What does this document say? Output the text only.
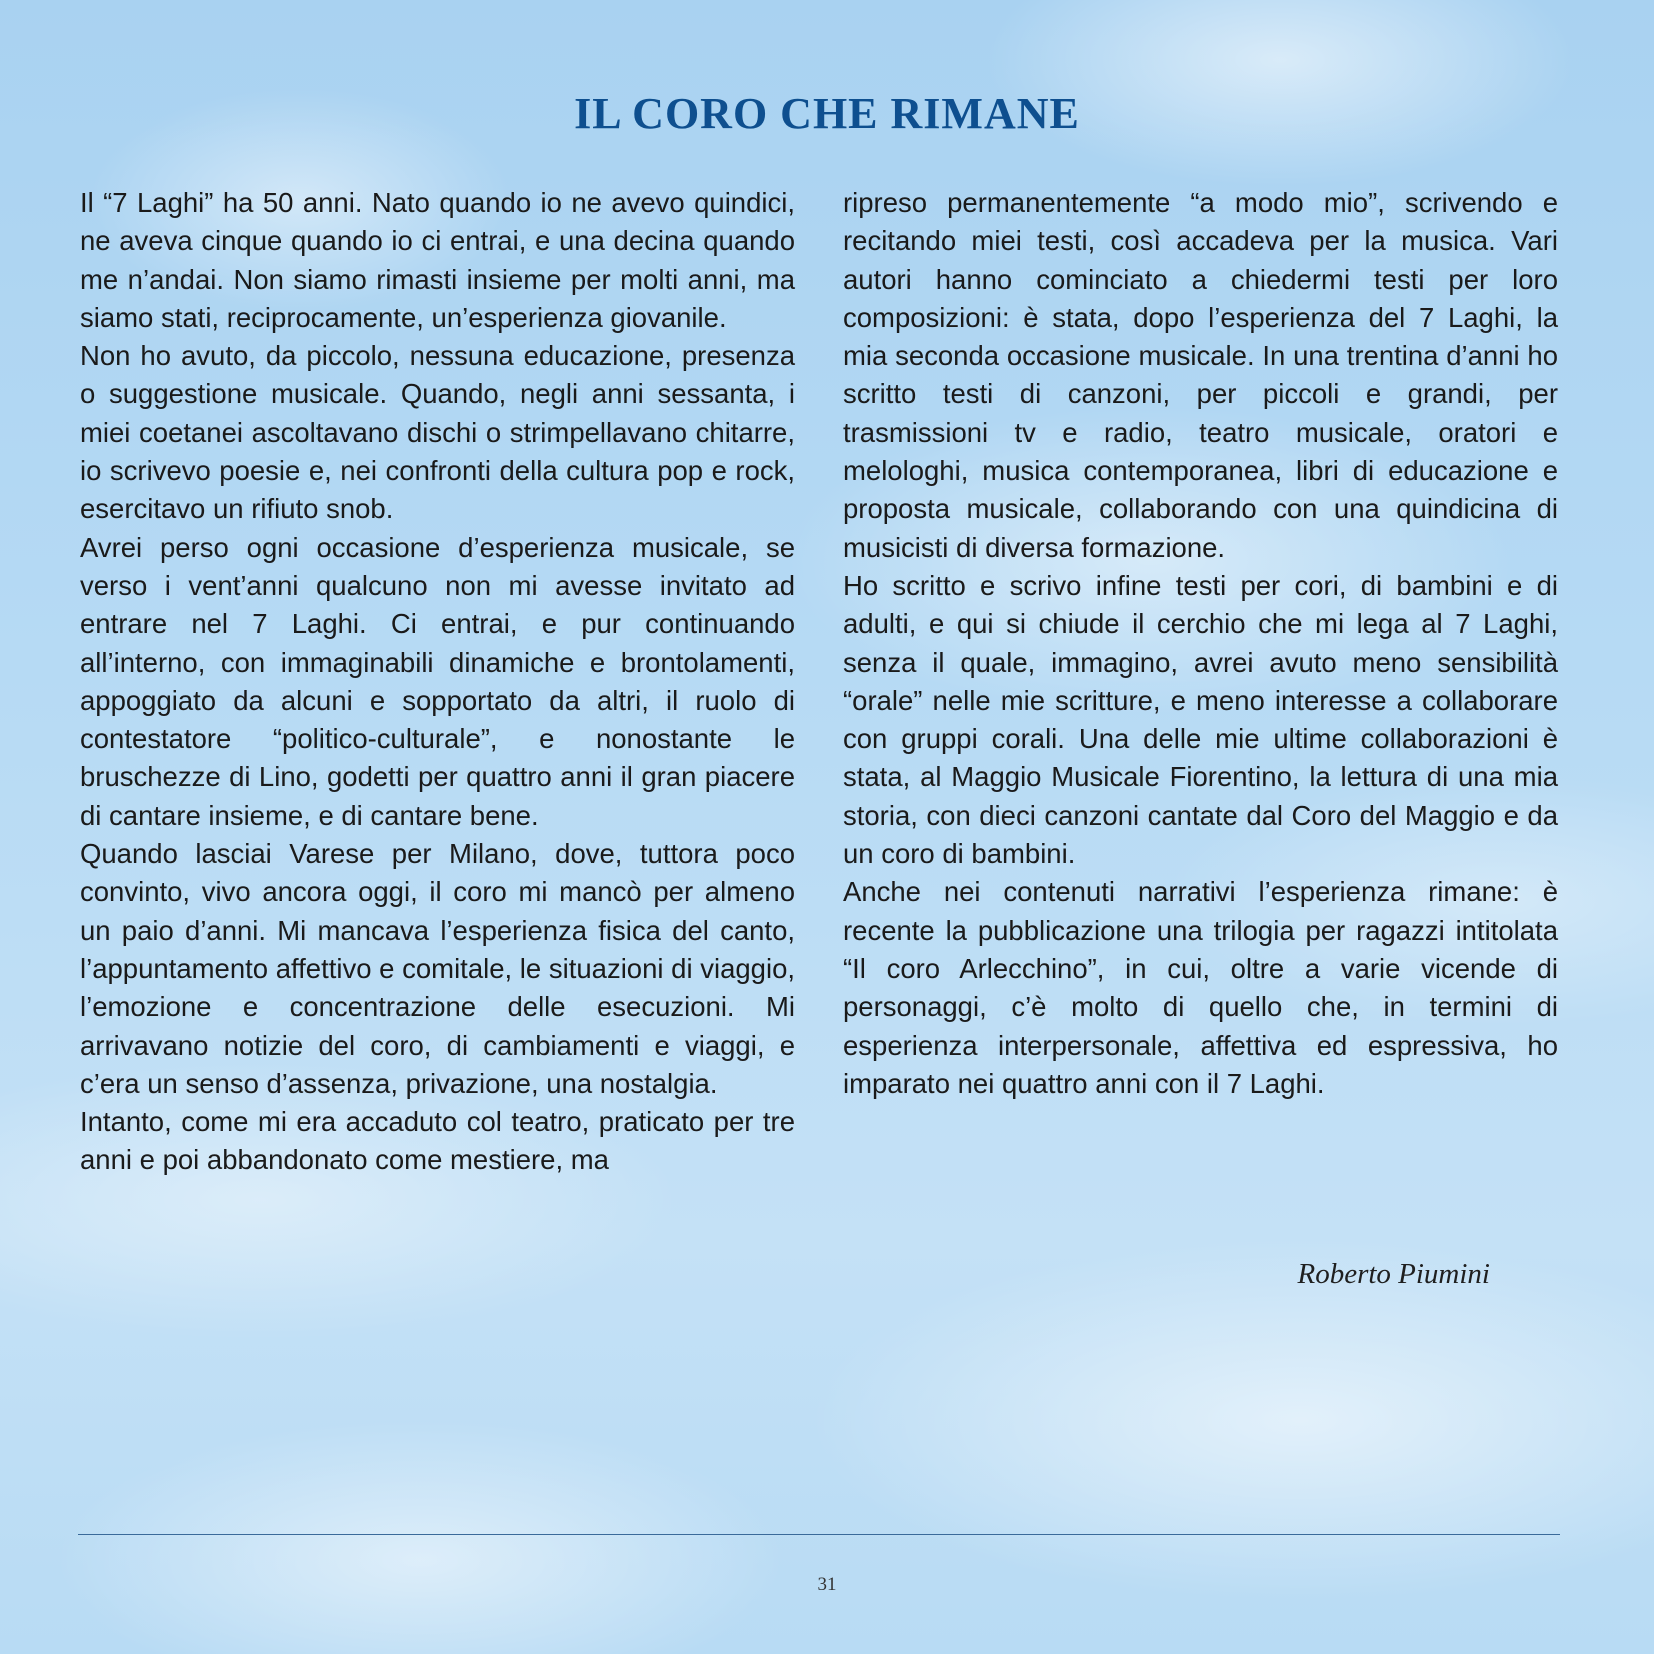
IL CORO CHE RIMANE

Il “7 Laghi” ha 50 anni. Nato quando io ne avevo quindici, ne aveva cinque quando io ci entrai, e una decina quando me n’andai. Non siamo rimasti insieme per molti anni, ma siamo stati, reciprocamente, un’esperienza giovanile.

Non ho avuto, da piccolo, nessuna educazione, presenza o suggestione musicale. Quando, negli anni sessanta, i miei coetanei ascoltavano dischi o strimpellavano chitarre, io scrivevo poesie e, nei confronti della cultura pop e rock, esercitavo un rifiuto snob.

Avrei perso ogni occasione d’esperienza musicale, se verso i vent’anni qualcuno non mi avesse invitato ad entrare nel 7 Laghi. Ci entrai, e pur continuando all’interno, con immaginabili dinamiche e brontolamenti, appoggiato da alcuni e sopportato da altri, il ruolo di contestatore “politico-culturale”, e nonostante le bruschezze di Lino, godetti per quattro anni il gran piacere di cantare insieme, e di cantare bene.

Quando lasciai Varese per Milano, dove, tuttora poco convinto, vivo ancora oggi, il coro mi mancò per almeno un paio d’anni. Mi mancava l’esperienza fisica del canto, l’appuntamento affettivo e comitale, le situazioni di viaggio, l’emozione e concentrazione delle esecuzioni. Mi arrivavano notizie del coro, di cambiamenti e viaggi, e c’era un senso d’assenza, privazione, una nostalgia.

Intanto, come mi era accaduto col teatro, praticato per tre anni e poi abbandonato come mestiere, ma

ripreso permanentemente “a modo mio”, scrivendo e recitando miei testi, così accadeva per la musica. Vari autori hanno cominciato a chiedermi testi per loro composizioni: è stata, dopo l’esperienza del 7 Laghi, la mia seconda occasione musicale. In una trentina d’anni ho scritto testi di canzoni, per piccoli e grandi, per trasmissioni tv e radio, teatro musicale, oratori e melologhi, musica contemporanea, libri di educazione e proposta musicale, collaborando con una quindicina di musicisti di diversa formazione.

Ho scritto e scrivo infine testi per cori, di bambini e di adulti, e qui si chiude il cerchio che mi lega al 7 Laghi, senza il quale, immagino, avrei avuto meno sensibilità “orale” nelle mie scritture, e meno interesse a collaborare con gruppi corali. Una delle mie ultime collaborazioni è stata, al Maggio Musicale Fiorentino, la lettura di una mia storia, con dieci canzoni cantate dal Coro del Maggio e da un coro di bambini.

Anche nei contenuti narrativi l’esperienza rimane: è recente la pubblicazione una trilogia per ragazzi intitolata “Il coro Arlecchino”, in cui, oltre a varie vicende di personaggi, c’è molto di quello che, in termini di esperienza interpersonale, affettiva ed espressiva, ho imparato nei quattro anni con il 7 Laghi.

Roberto Piumini
31
